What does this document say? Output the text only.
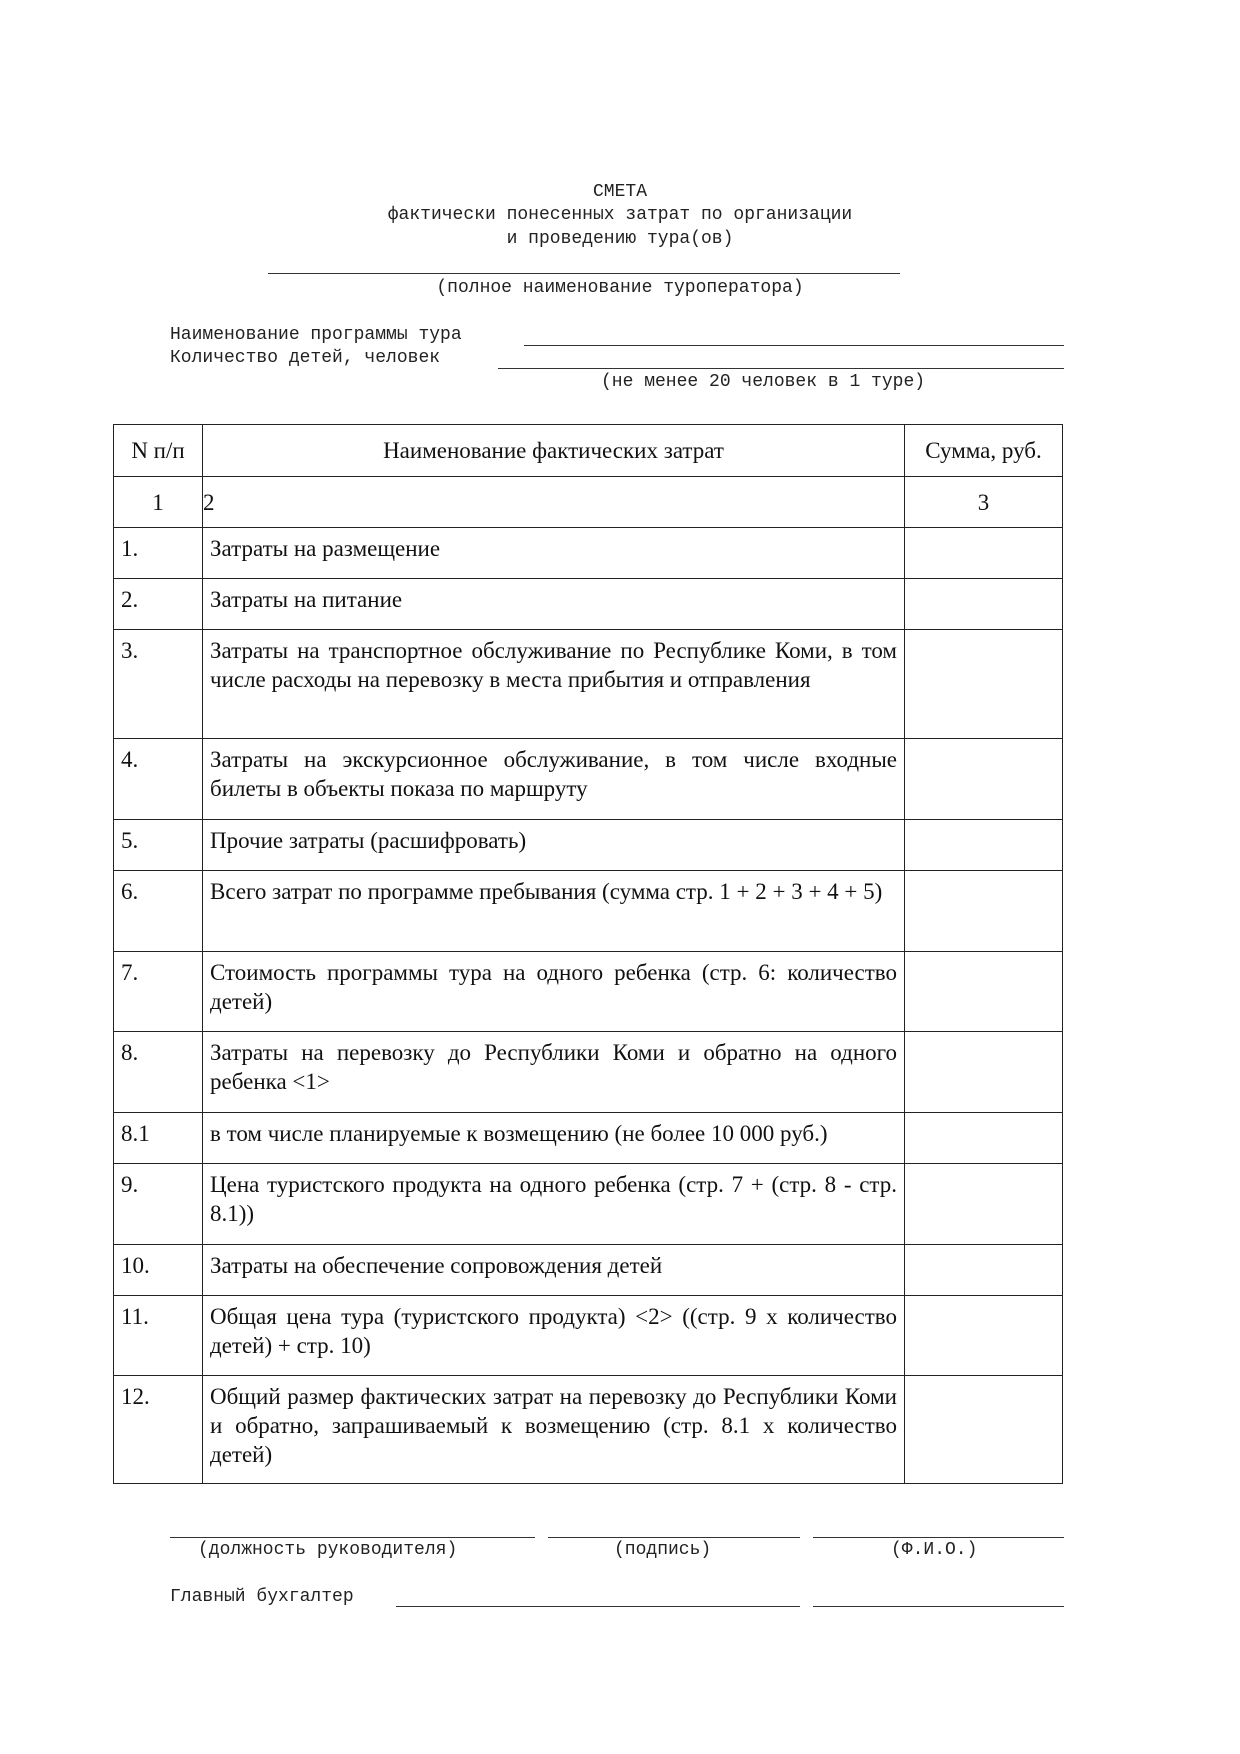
СМЕТА
фактически понесенных затрат по организации
и проведению тура(ов)
(полное наименование туроператора)
Наименование программы тура
Количество детей, человек
(не менее 20 человек в 1 туре)
N п/п	Наименование фактических затрат	Сумма, руб.
1	2	3
1.	Затраты на размещение	
2.	Затраты на питание	
3.	Затраты на транспортное обслуживание по Республике Коми, в том числе расходы на перевозку в места прибытия и отправления	
4.	Затраты на экскурсионное обслуживание, в том числе входные билеты в объекты показа по маршруту	
5.	Прочие затраты (расшифровать)	
6.	Всего затрат по программе пребывания (сумма стр. 1 + 2 + 3 + 4 + 5)	
7.	Стоимость программы тура на одного ребенка (стр. 6: количество детей)	
8.	Затраты на перевозку до Республики Коми и обратно на одного ребенка <1>	
8.1	в том числе планируемые к возмещению (не более 10 000 руб.)	
9.	Цена туристского продукта на одного ребенка (стр. 7 + (стр. 8 - стр. 8.1))	
10.	Затраты на обеспечение сопровождения детей	
11.	Общая цена тура (туристского продукта) <2> ((стр. 9 х количество детей) + стр. 10)	
12.	Общий размер фактических затрат на перевозку до Республики Коми и обратно, запрашиваемый к возмещению (стр. 8.1 х количество детей)	
(должность руководителя)	(подпись)	(Ф.И.О.)
Главный бухгалтер
